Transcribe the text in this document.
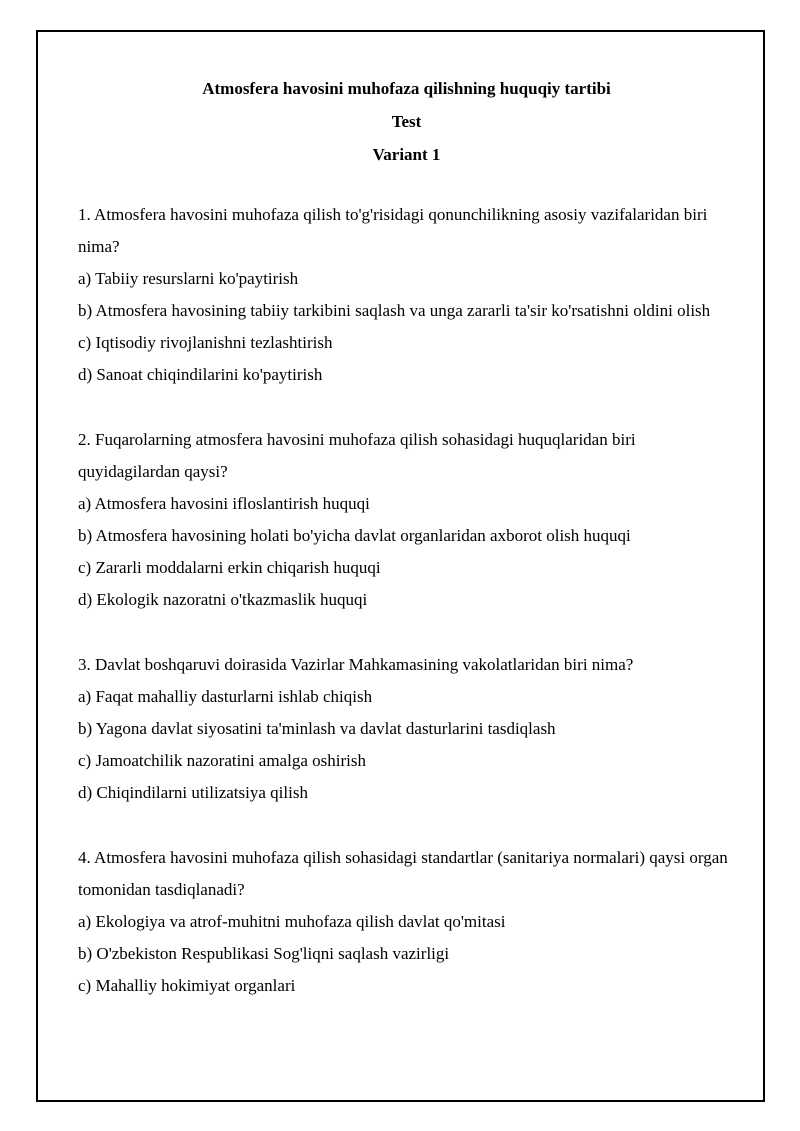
Atmosfera havosini muhofaza qilishning huquqiy tartibi

Test

Variant 1

1. Atmosfera havosini muhofaza qilish to'g'risidagi qonunchilikning asosiy vazifalaridan biri nima?

a) Tabiiy resurslarni ko'paytirish

b) Atmosfera havosining tabiiy tarkibini saqlash va unga zararli ta'sir ko'rsatishni oldini olish

c) Iqtisodiy rivojlanishni tezlashtirish

d) Sanoat chiqindilarini ko'paytirish

2. Fuqarolarning atmosfera havosini muhofaza qilish sohasidagi huquqlaridan biri quyidagilardan qaysi?

a) Atmosfera havosini ifloslantirish huquqi

b) Atmosfera havosining holati bo'yicha davlat organlaridan axborot olish huquqi

c) Zararli moddalarni erkin chiqarish huquqi

d) Ekologik nazoratni o'tkazmaslik huquqi

3. Davlat boshqaruvi doirasida Vazirlar Mahkamasining vakolatlaridan biri nima?

a) Faqat mahalliy dasturlarni ishlab chiqish

b) Yagona davlat siyosatini ta'minlash va davlat dasturlarini tasdiqlash

c) Jamoatchilik nazoratini amalga oshirish

d) Chiqindilarni utilizatsiya qilish

4. Atmosfera havosini muhofaza qilish sohasidagi standartlar (sanitariya normalari) qaysi organ tomonidan tasdiqlanadi?

a) Ekologiya va atrof-muhitni muhofaza qilish davlat qo'mitasi

b) O'zbekiston Respublikasi Sog'liqni saqlash vazirligi

c) Mahalliy hokimiyat organlari
